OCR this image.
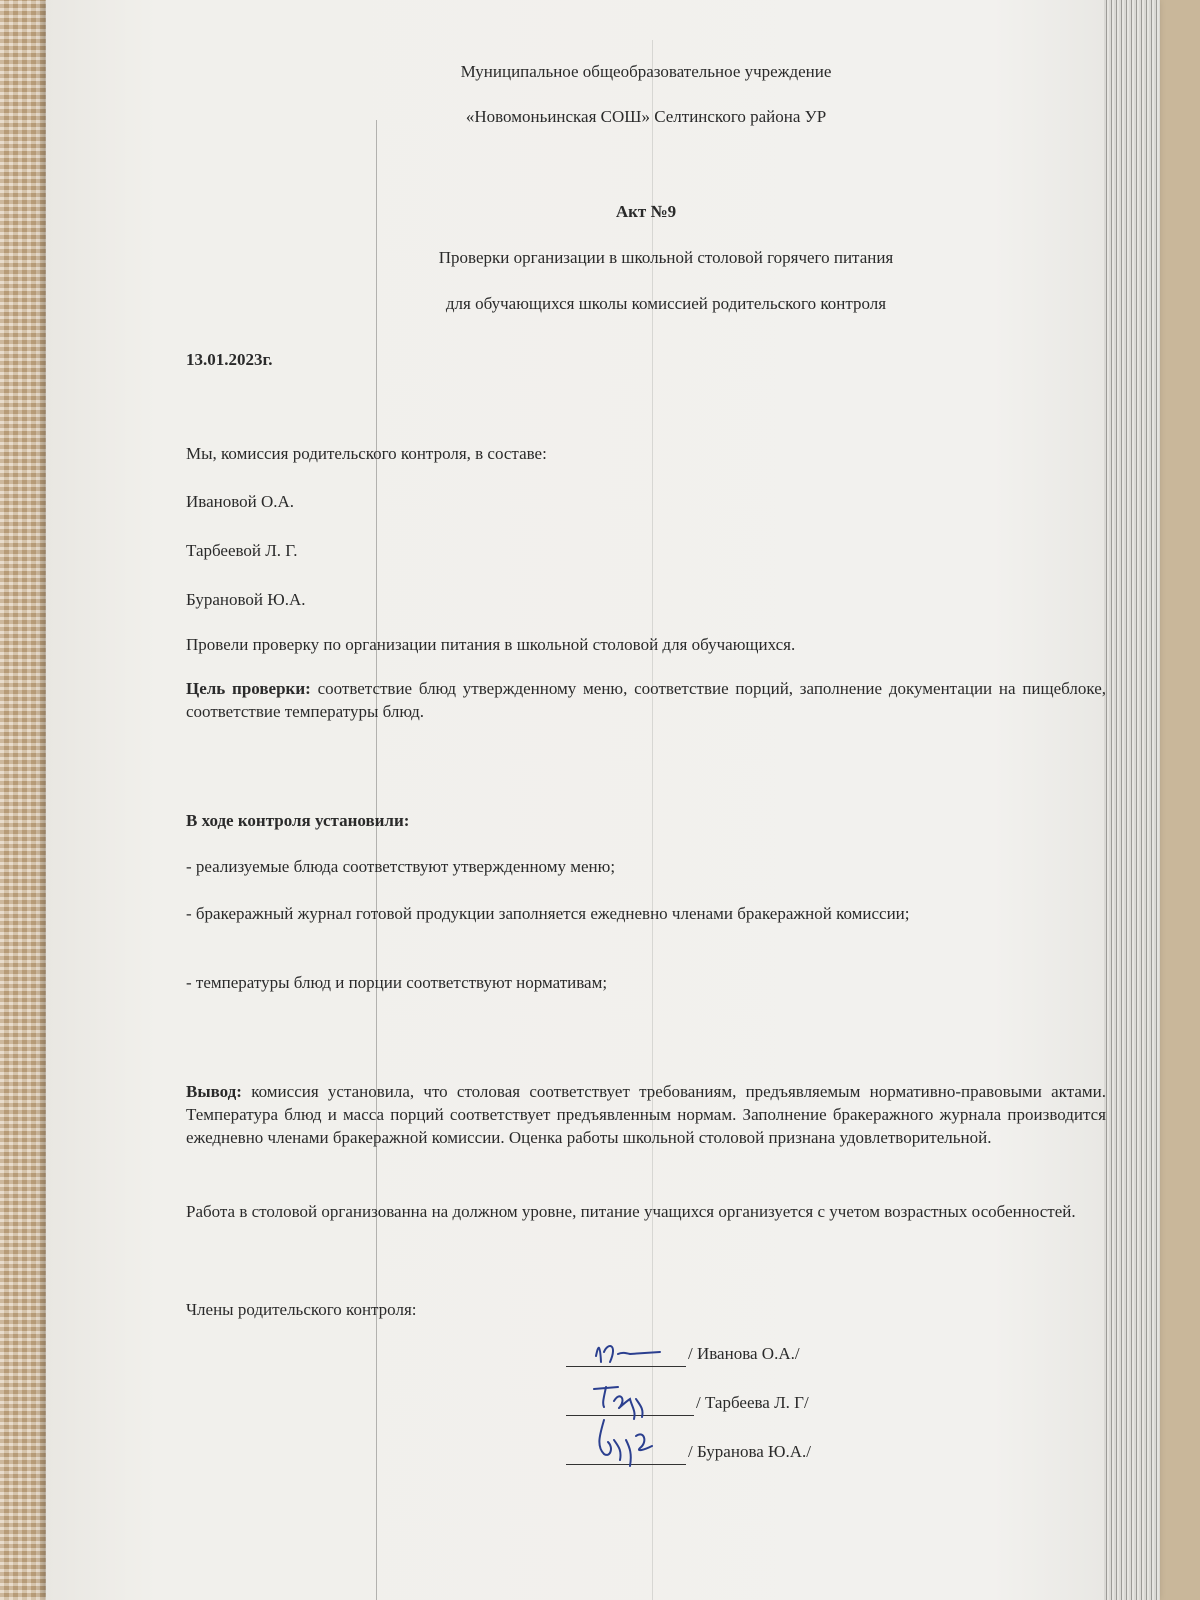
Муниципальное общеобразовательное учреждение
«Новомоньинская СОШ» Селтинского района УР
Акт №9
Проверки организации в школьной столовой горячего питания
для обучающихся школы комиссией родительского контроля
13.01.2023г.
Мы, комиссия родительского контроля, в составе:
Ивановой О.А.
Тарбеевой Л. Г.
Бурановой Ю.А.
Провели проверку по организации питания в школьной столовой для обучающихся.
Цель проверки: соответствие блюд утвержденному меню, соответствие порций, заполнение документации на пищеблоке, соответствие температуры блюд.
В ходе контроля установили:
- реализуемые блюда соответствуют утвержденному меню;
- бракеражный журнал готовой продукции заполняется ежедневно членами бракеражной комиссии;
- температуры блюд и порции соответствуют нормативам;
Вывод: комиссия установила, что столовая соответствует требованиям, предъявляемым нормативно-правовыми актами. Температура блюд и масса порций соответствует предъявленным нормам. Заполнение бракеражного журнала производится ежедневно членами бракеражной комиссии. Оценка работы школьной столовой признана удовлетворительной.
Работа в столовой организованна на должном уровне, питание учащихся организуется с учетом возрастных особенностей.
Члены родительского контроля:
/ Иванова О.А./
/ Тарбеева Л. Г/
/ Буранова Ю.А./
